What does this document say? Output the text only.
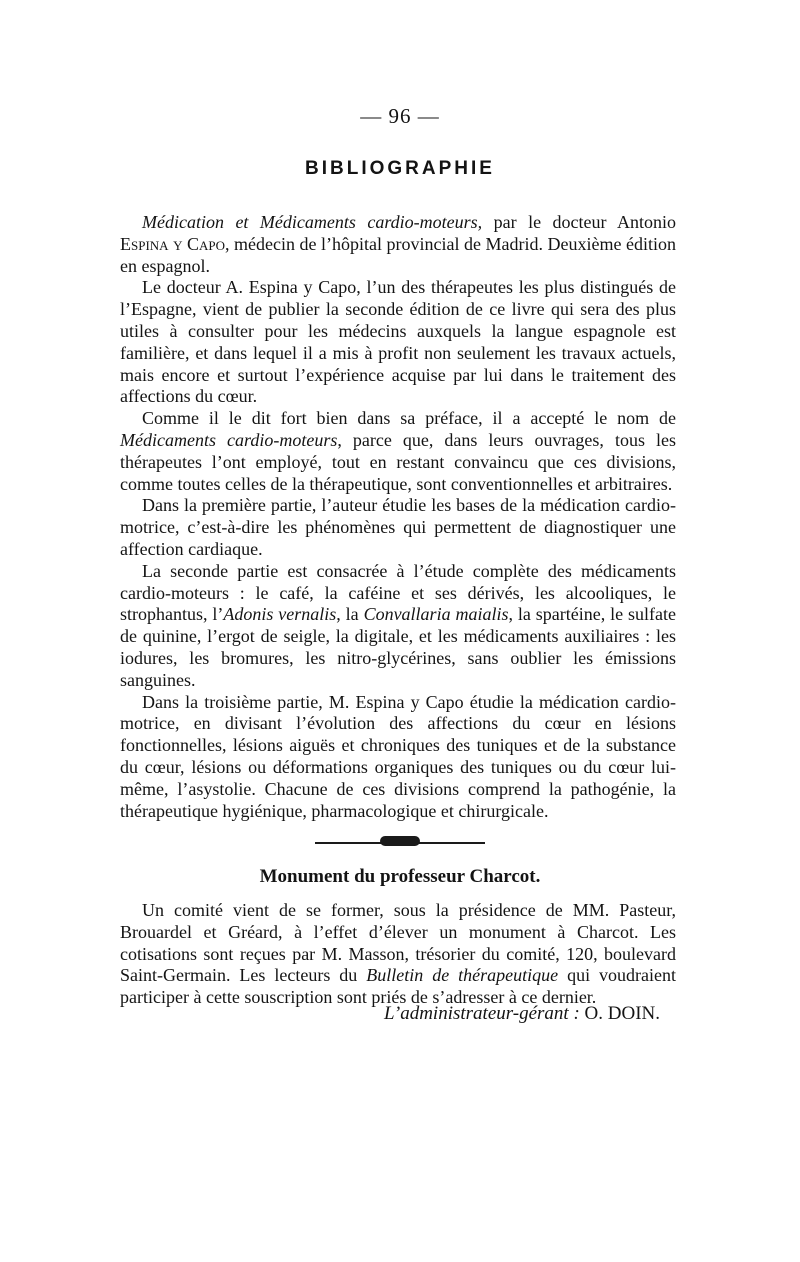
— 96 —
BIBLIOGRAPHIE

Médication et Médicaments cardio-moteurs, par le docteur Antonio Espina y Capo, médecin de l’hôpital provincial de Madrid. Deuxième édition en espagnol.

Le docteur A. Espina y Capo, l’un des thérapeutes les plus distingués de l’Espagne, vient de publier la seconde édition de ce livre qui sera des plus utiles à consulter pour les médecins auxquels la langue espagnole est familière, et dans lequel il a mis à profit non seulement les travaux actuels, mais encore et surtout l’expérience acquise par lui dans le traitement des affections du cœur.

Comme il le dit fort bien dans sa préface, il a accepté le nom de Médicaments cardio-moteurs, parce que, dans leurs ouvrages, tous les thérapeutes l’ont employé, tout en restant convaincu que ces divisions, comme toutes celles de la thérapeutique, sont conventionnelles et arbitraires.

Dans la première partie, l’auteur étudie les bases de la médication cardio-motrice, c’est-à-dire les phénomènes qui permettent de diagnostiquer une affection cardiaque.

La seconde partie est consacrée à l’étude complète des médicaments cardio-moteurs : le café, la caféine et ses dérivés, les alcooliques, le strophantus, l’Adonis vernalis, la Convallaria maialis, la spartéine, le sulfate de quinine, l’ergot de seigle, la digitale, et les médicaments auxiliaires : les iodures, les bromures, les nitro-glycérines, sans oublier les émissions sanguines.

Dans la troisième partie, M. Espina y Capo étudie la médication cardio-motrice, en divisant l’évolution des affections du cœur en lésions fonctionnelles, lésions aiguës et chroniques des tuniques et de la substance du cœur, lésions ou déformations organiques des tuniques ou du cœur lui-même, l’asystolie. Chacune de ces divisions comprend la pathogénie, la thérapeutique hygiénique, pharmacologique et chirurgicale.

Monument du professeur Charcot.

Un comité vient de se former, sous la présidence de MM. Pasteur, Brouardel et Gréard, à l’effet d’élever un monument à Charcot. Les cotisations sont reçues par M. Masson, trésorier du comité, 120, boulevard Saint-Germain. Les lecteurs du Bulletin de thérapeutique qui voudraient participer à cette souscription sont priés de s’adresser à ce dernier.

L’administrateur-gérant : O. DOIN.
